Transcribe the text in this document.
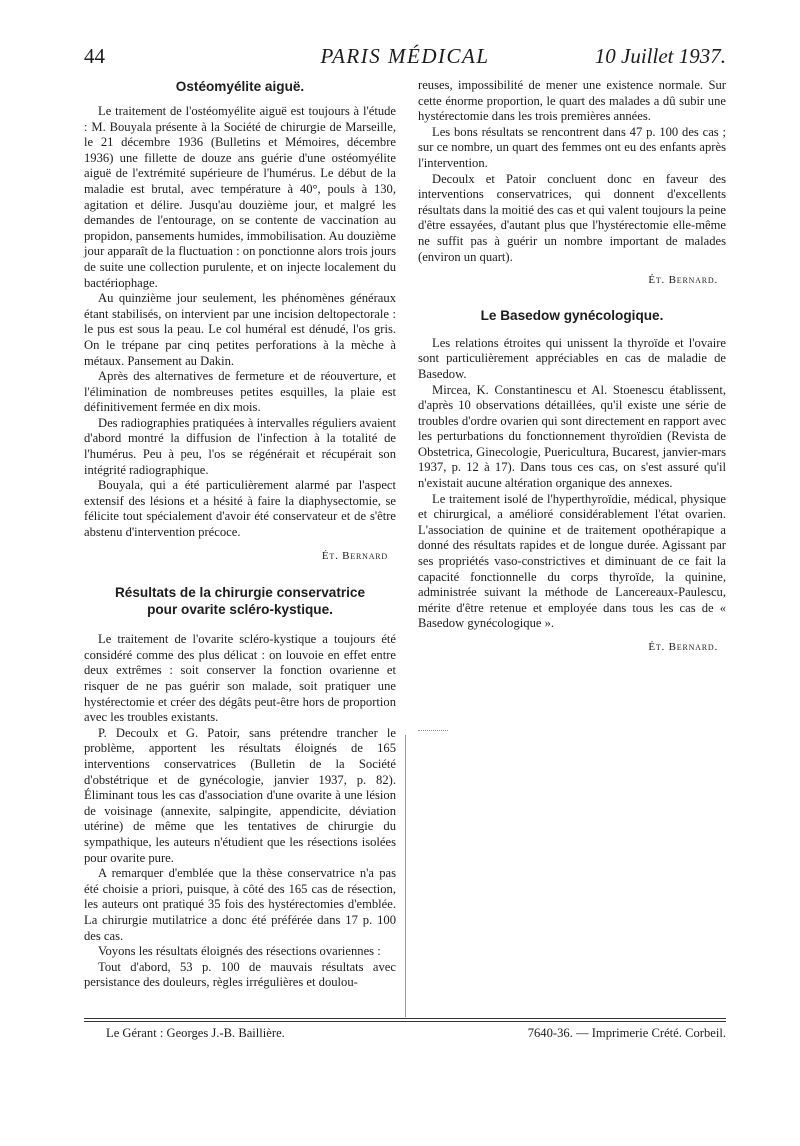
44	PARIS MÉDICAL	10 Juillet 1937.
Ostéomyélite aiguë.

Le traitement de l'ostéomyélite aiguë est toujours à l'étude : M. Bouyala présente à la Société de chirurgie de Marseille, le 21 décembre 1936 (Bulletins et Mémoires, décembre 1936) une fillette de douze ans guérie d'une ostéomyélite aiguë de l'extrémité supérieure de l'humérus. Le début de la maladie est brutal, avec température à 40°, pouls à 130, agitation et délire. Jusqu'au douzième jour, et malgré les demandes de l'entourage, on se contente de vaccination au propidon, pansements humides, immobilisation. Au douzième jour apparaît de la fluctuation : on ponctionne alors trois jours de suite une collection purulente, et on injecte localement du bactériophage.

Au quinzième jour seulement, les phénomènes généraux étant stabilisés, on intervient par une incision deltopectorale : le pus est sous la peau. Le col huméral est dénudé, l'os gris. On le trépane par cinq petites perforations à la mèche à métaux. Pansement au Dakin.

Après des alternatives de fermeture et de réouverture, et l'élimination de nombreuses petites esquilles, la plaie est définitivement fermée en dix mois.

Des radiographies pratiquées à intervalles réguliers avaient d'abord montré la diffusion de l'infection à la totalité de l'humérus. Peu à peu, l'os se régénérait et récupérait son intégrité radiographique.

Bouyala, qui a été particulièrement alarmé par l'aspect extensif des lésions et a hésité à faire la diaphysectomie, se félicite tout spécialement d'avoir été conservateur et de s'être abstenu d'intervention précoce.

Ét. Bernard
Résultats de la chirurgie conservatrice
pour ovarite scléro-kystique.

Le traitement de l'ovarite scléro-kystique a toujours été considéré comme des plus délicat : on louvoie en effet entre deux extrêmes : soit conserver la fonction ovarienne et risquer de ne pas guérir son malade, soit pratiquer une hystérectomie et créer des dégâts peut-être hors de proportion avec les troubles existants.

P. Decoulx et G. Patoir, sans prétendre trancher le problème, apportent les résultats éloignés de 165 interventions conservatrices (Bulletin de la Société d'obstétrique et de gynécologie, janvier 1937, p. 82). Éliminant tous les cas d'association d'une ovarite à une lésion de voisinage (annexite, salpingite, appendicite, déviation utérine) de même que les tentatives de chirurgie du sympathique, les auteurs n'étudient que les résections isolées pour ovarite pure.

A remarquer d'emblée que la thèse conservatrice n'a pas été choisie a priori, puisque, à côté des 165 cas de résection, les auteurs ont pratiqué 35 fois des hystérectomies d'emblée. La chirurgie mutilatrice a donc été préférée dans 17 p. 100 des cas.

Voyons les résultats éloignés des résections ovariennes :

Tout d'abord, 53 p. 100 de mauvais résultats avec persistance des douleurs, règles irrégulières et doulou-

reuses, impossibilité de mener une existence normale. Sur cette énorme proportion, le quart des malades a dû subir une hystérectomie dans les trois premières années.

Les bons résultats se rencontrent dans 47 p. 100 des cas ; sur ce nombre, un quart des femmes ont eu des enfants après l'intervention.

Decoulx et Patoir concluent donc en faveur des interventions conservatrices, qui donnent d'excellents résultats dans la moitié des cas et qui valent toujours la peine d'être essayées, d'autant plus que l'hystérectomie elle-même ne suffit pas à guérir un nombre important de malades (environ un quart).

Ét. Bernard.
Le Basedow gynécologique.

Les relations étroites qui unissent la thyroïde et l'ovaire sont particulièrement appréciables en cas de maladie de Basedow.

Mircea, K. Constantinescu et Al. Stoenescu établissent, d'après 10 observations détaillées, qu'il existe une série de troubles d'ordre ovarien qui sont directement en rapport avec les perturbations du fonctionnement thyroïdien (Revista de Obstetrica, Ginecologie, Puericultura, Bucarest, janvier-mars 1937, p. 12 à 17). Dans tous ces cas, on s'est assuré qu'il n'existait aucune altération organique des annexes.

Le traitement isolé de l'hyperthyroïdie, médical, physique et chirurgical, a amélioré considérablement l'état ovarien. L'association de quinine et de traitement opothérapique a donné des résultats rapides et de longue durée. Agissant par ses propriétés vaso-constrictives et diminuant de ce fait la capacité fonctionnelle du corps thyroïde, la quinine, administrée suivant la méthode de Lancereaux-Paulescu, mérite d'être retenue et employée dans tous les cas de « Basedow gynécologique ».

Ét. Bernard.
Le Gérant : Georges J.-B. Baillière.	7640-36. — Imprimerie Crété. Corbeil.
